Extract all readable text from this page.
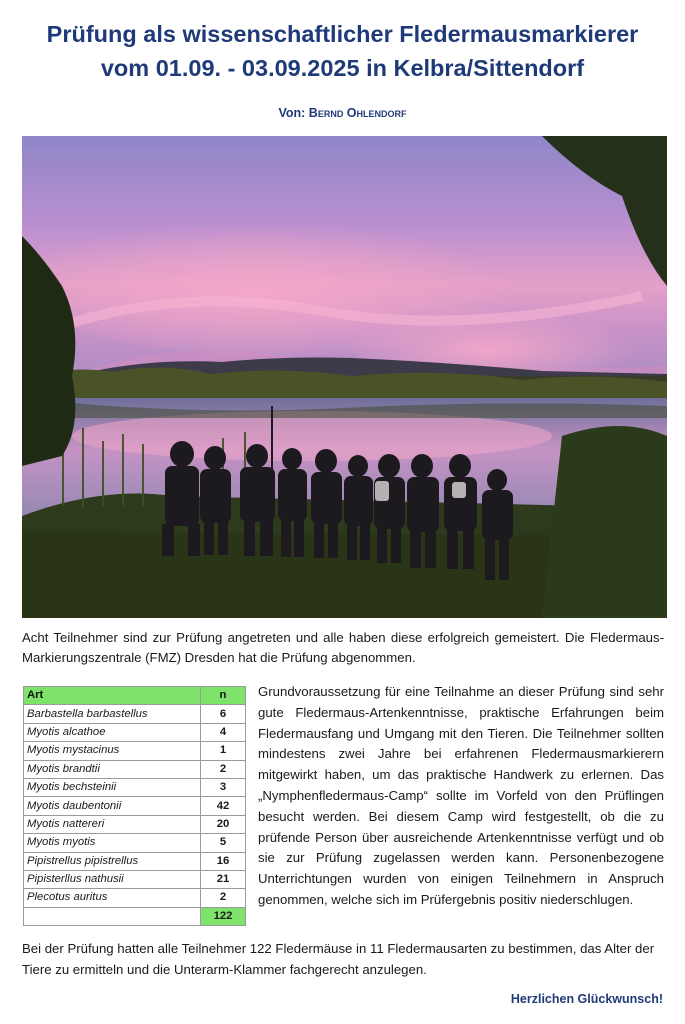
Prüfung als wissenschaftlicher Fledermausmarkierer
vom 01.09. - 03.09.2025 in Kelbra/Sittendorf
Von: Bernd Ohlendorf

Acht Teilnehmer sind zur Prüfung angetreten und alle haben diese erfolgreich gemeistert. Die Fledermaus-Markierungszentrale (FMZ) Dresden hat die Prüfung abgenommen.

Art	n
Barbastella barbastellus	6
Myotis alcathoe	4
Myotis mystacinus	1
Myotis brandtii	2
Myotis bechsteinii	3
Myotis daubentonii	42
Myotis nattereri	20
Myotis myotis	5
Pipistrellus pipistrellus	16
Pipisterllus nathusii	21
Plecotus auritus	2
	122

Grundvoraussetzung für eine Teilnahme an dieser Prüfung sind sehr gute Fledermaus-Artenkenntnisse, praktische Erfahrungen beim Fledermausfang und Umgang mit den Tieren. Die Teilnehmer sollten mindestens zwei Jahre bei erfahrenen Fledermausmarkierern mitgewirkt haben, um das praktische Handwerk zu erlernen. Das „Nymphenfledermaus-Camp“ sollte im Vorfeld von den Prüflingen besucht werden. Bei diesem Camp wird festgestellt, ob die zu prüfende Person über ausreichende Artenkenntnisse verfügt und ob sie zur Prüfung zugelassen werden kann. Personenbezogene Unterrichtungen wurden von einigen Teilnehmern in Anspruch genommen, welche sich im Prüfergebnis positiv niederschlugen.

Bei der Prüfung hatten alle Teilnehmer 122 Fledermäuse in 11 Fledermausarten zu bestimmen, das Alter der Tiere zu ermitteln und die Unterarm-Klammer fachgerecht anzulegen.

Herzlichen Glückwunsch!
